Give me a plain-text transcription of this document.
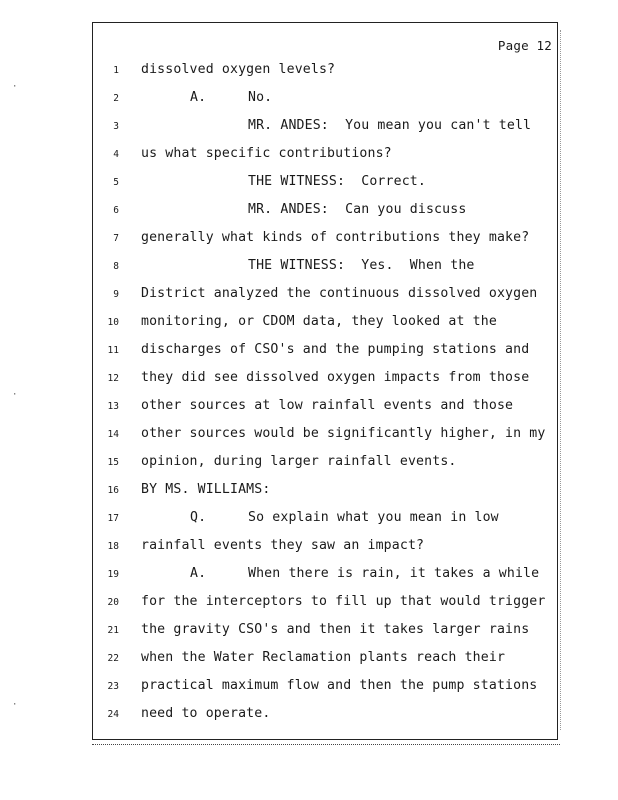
Page 12
·
·
·
1 dissolved oxygen levels?
2	A.	No.
3	MR. ANDES:  You mean you can't tell
4 us what specific contributions?
5	THE WITNESS:  Correct.
6	MR. ANDES:  Can you discuss
7 generally what kinds of contributions they make?
8	THE WITNESS:  Yes.  When the
9 District analyzed the continuous dissolved oxygen
10 monitoring, or CDOM data, they looked at the
11 discharges of CSO's and the pumping stations and
12 they did see dissolved oxygen impacts from those
13 other sources at low rainfall events and those
14 other sources would be significantly higher, in my
15 opinion, during larger rainfall events.
16 BY MS. WILLIAMS:
17	Q.	So explain what you mean in low
18 rainfall events they saw an impact?
19	A.	When there is rain, it takes a while
20 for the interceptors to fill up that would trigger
21 the gravity CSO's and then it takes larger rains
22 when the Water Reclamation plants reach their
23 practical maximum flow and then the pump stations
24 need to operate.
